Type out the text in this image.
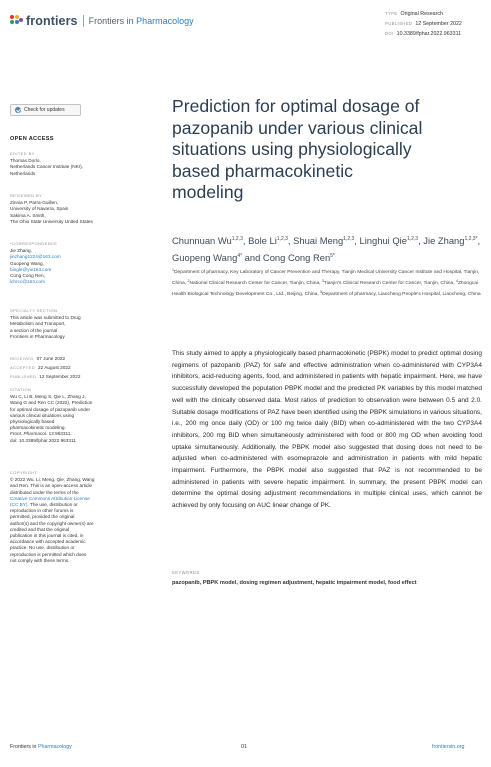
frontiers Frontiers in Pharmacology
TYPE Original Research
PUBLISHED 12 September 2022
DOI 10.3389/fphar.2022.963311
Check for updates
OPEN ACCESS
EDITED BY
Thomas Dorlo,
Netherlands Cancer Institute (NKI),
Netherlands
REVIEWED BY
Zinnia P. Parra-Guillen,
University of Navarra, Spain
Sakima A. Smith,
The Ohio State University United States
*CORRESPONDENCE
Jie Zhang,
jiezhang1224@163.com
Guopeng Wang,
bingle@yie163.com
Cong Cong Ren,
lchrcc@163.com
SPECIALTY SECTION
This article was submitted to Drug
Metabolism and Transport,
a section of the journal
Frontiers in Pharmacology
RECEIVED 07 June 2022
ACCEPTED 22 August 2022
PUBLISHED 12 September 2022
CITATION
Wu C, Li B, Meng S, Qie L, Zhang J,
Wang G and Ren CC (2022), Prediction
for optimal dosage of pazopanib under
various clinical situations using
physiologically based
pharmacokinetic modeling.
Front. Pharmacol. 13:963311.
doi: 10.3389/fphar.2022.963311
COPYRIGHT
© 2022 Wu, Li, Meng, Qie, Zhang, Wang
and Ren. This is an open-access article
distributed under the terms of the
Creative Commons Attribution License
(CC BY). The use, distribution or
reproduction in other forums is
permitted, provided the original
author(s) and the copyright owner(s) are
credited and that the original
publication in this journal is cited, in
accordance with accepted academic
practice. No use, distribution or
reproduction is permitted which does
not comply with these terms.
Prediction for optimal dosage of
pazopanib under various clinical
situations using physiologically
based pharmacokinetic
modeling
Chunnuan Wu$^{1,2,3}$, Bole Li$^{1,2,3}$, Shuai Meng$^{1,2,3}$, Linghui Qie$^{1,2,3}$, Jie Zhang$^{1,2,3*}$, Guopeng Wang$^{4*}$ and Cong Cong Ren$^{5*}$
$^1$Department of pharmacy, Key Laboratory of Cancer Prevention and Therapy, Tianjin Medical University Cancer Institute and Hospital, Tianjin, China, $^2$National Clinical Research Center for Cancer, Tianjin, China, $^3$Tianjin's Clinical Research Center for Cancer, Tianjin, China, $^4$Zhongcai Health Biological Technology Development Co., Ltd., Beijing, China, $^5$Department of pharmacy, Liaocheng People's Hospital, Liaocheng, China

This study aimed to apply a physiologically based pharmacokinetic (PBPK) model to predict optimal dosing regimens of pazopanib (PAZ) for safe and effective administration when co-administered with CYP3A4 inhibitors, acid-reducing agents, food, and administered in patients with hepatic impairment. Here, we have successfully developed the population PBPK model and the predicted PK variables by this model matched well with the clinically observed data. Most ratios of prediction to observation were between 0.5 and 2.0. Suitable dosage modifications of PAZ have been identified using the PBPK simulations in various situations, i.e., 200 mg once daily (OD) or 100 mg twice daily (BID) when co-administered with the two CYP3A4 inhibitors, 200 mg BID when simultaneously administered with food or 800 mg OD when avoiding food uptake simultaneously. Additionally, the PBPK model also suggested that dosing does not need to be adjusted when co-administered with esomeprazole and administration in patients with mild hepatic impairment. Furthermore, the PBPK model also suggested that PAZ is not recommended to be administered in patients with severe hepatic impairment. In summary, the present PBPK model can determine the optimal dosing adjustment recommendations in multiple clinical uses, which cannot be achieved by only focusing on AUC linear change of PK.

KEYWORDS
pazopanib, PBPK model, dosing regimen adjustment, hepatic impairment model, food effect
Frontiers in Pharmacology	01	frontiersin.org
